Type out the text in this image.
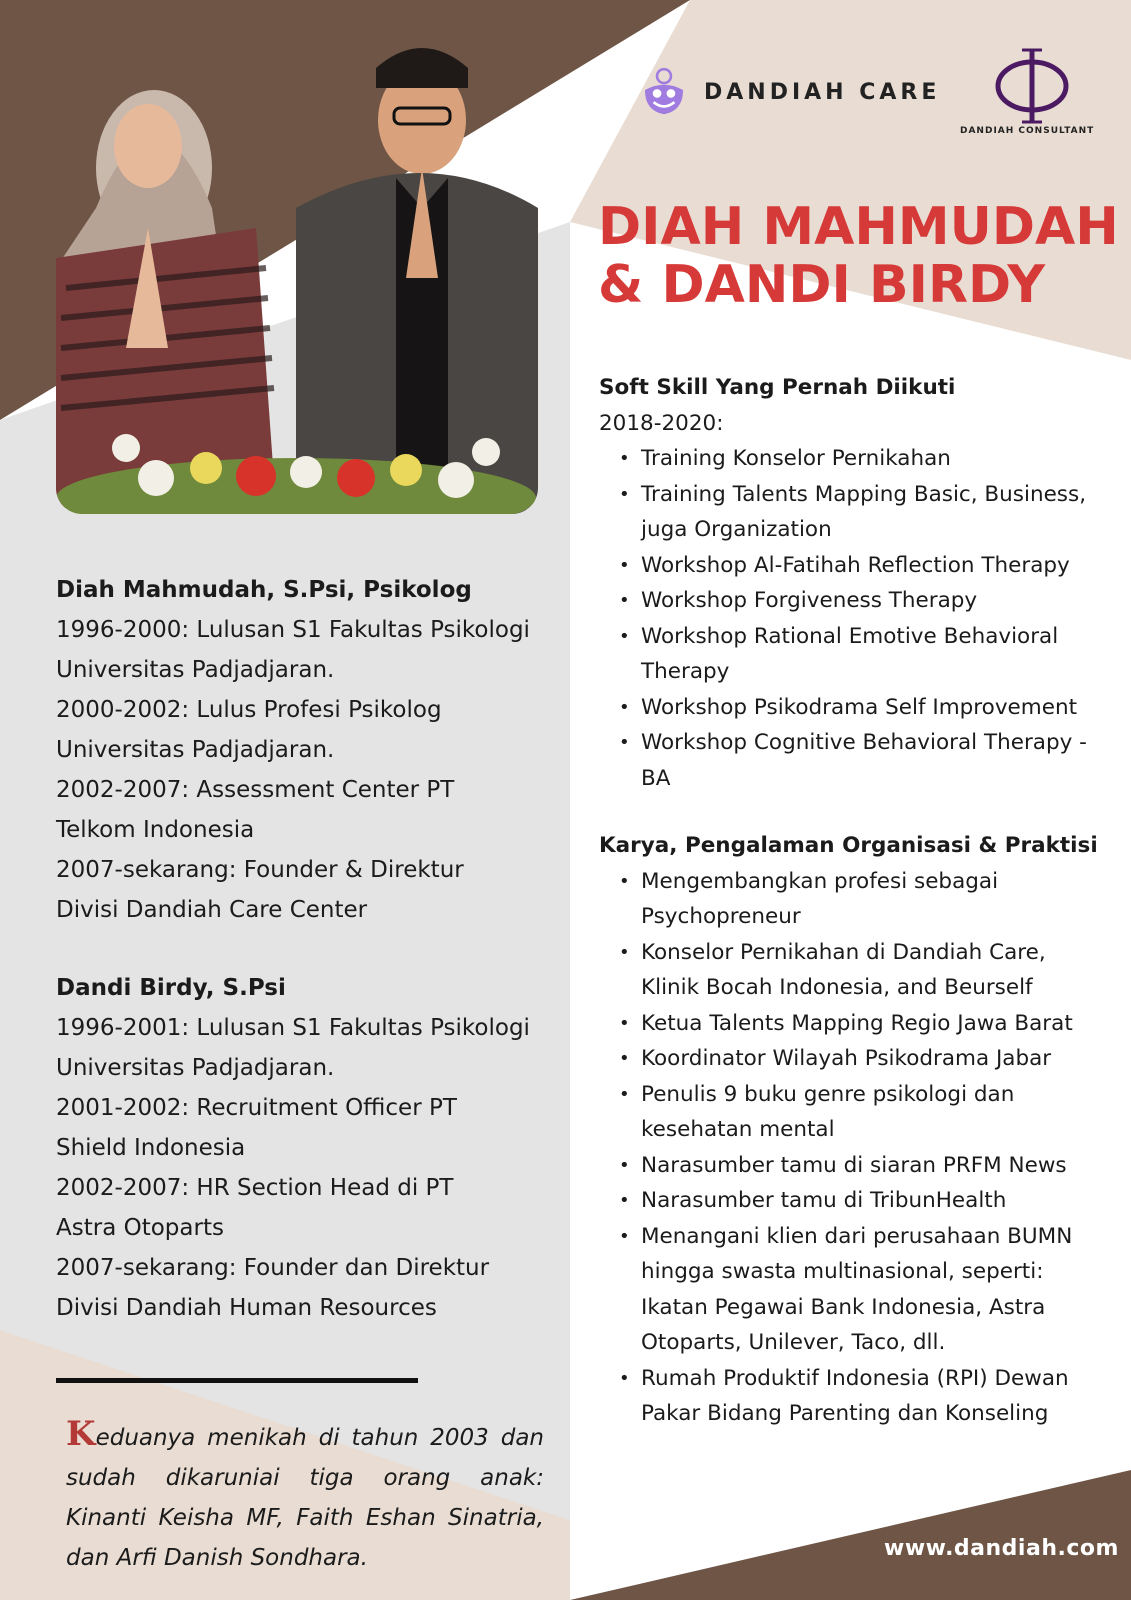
DANDIAH CARE
DANDIAH CONSULTANT
DIAH MAHMUDAH
& DANDI BIRDY
Diah Mahmudah, S.Psi, Psikolog
1996-2000: Lulusan S1 Fakultas Psikologi
Universitas Padjadjaran.
2000-2002: Lulus Profesi Psikolog
Universitas Padjadjaran.
2002-2007: Assessment Center PT
Telkom Indonesia
2007-sekarang: Founder & Direktur
Divisi Dandiah Care Center
Dandi Birdy, S.Psi
1996-2001: Lulusan S1 Fakultas Psikologi
Universitas Padjadjaran.
2001-2002: Recruitment Officer PT
Shield Indonesia
2002-2007: HR Section Head di PT
Astra Otoparts
2007-sekarang: Founder dan Direktur
Divisi Dandiah Human Resources
Keduanya menikah di tahun 2003 dan
sudah dikaruniai tiga orang anak:
Kinanti Keisha MF, Faith Eshan Sinatria,
dan Arfi Danish Sondhara.
Soft Skill Yang Pernah Diikuti
2018-2020:
• Training Konselor Pernikahan
• Training Talents Mapping Basic, Business, juga Organization
• Workshop Al-Fatihah Reflection Therapy
• Workshop Forgiveness Therapy
• Workshop Rational Emotive Behavioral Therapy
• Workshop Psikodrama Self Improvement
• Workshop Cognitive Behavioral Therapy - BA
Karya, Pengalaman Organisasi & Praktisi
• Mengembangkan profesi sebagai Psychopreneur
• Konselor Pernikahan di Dandiah Care, Klinik Bocah Indonesia, and Beurself
• Ketua Talents Mapping Regio Jawa Barat
• Koordinator Wilayah Psikodrama Jabar
• Penulis 9 buku genre psikologi dan kesehatan mental
• Narasumber tamu di siaran PRFM News
• Narasumber tamu di TribunHealth
• Menangani klien dari perusahaan BUMN hingga swasta multinasional, seperti: Ikatan Pegawai Bank Indonesia, Astra Otoparts, Unilever, Taco, dll.
• Rumah Produktif Indonesia (RPI) Dewan Pakar Bidang Parenting dan Konseling
www.dandiah.com
